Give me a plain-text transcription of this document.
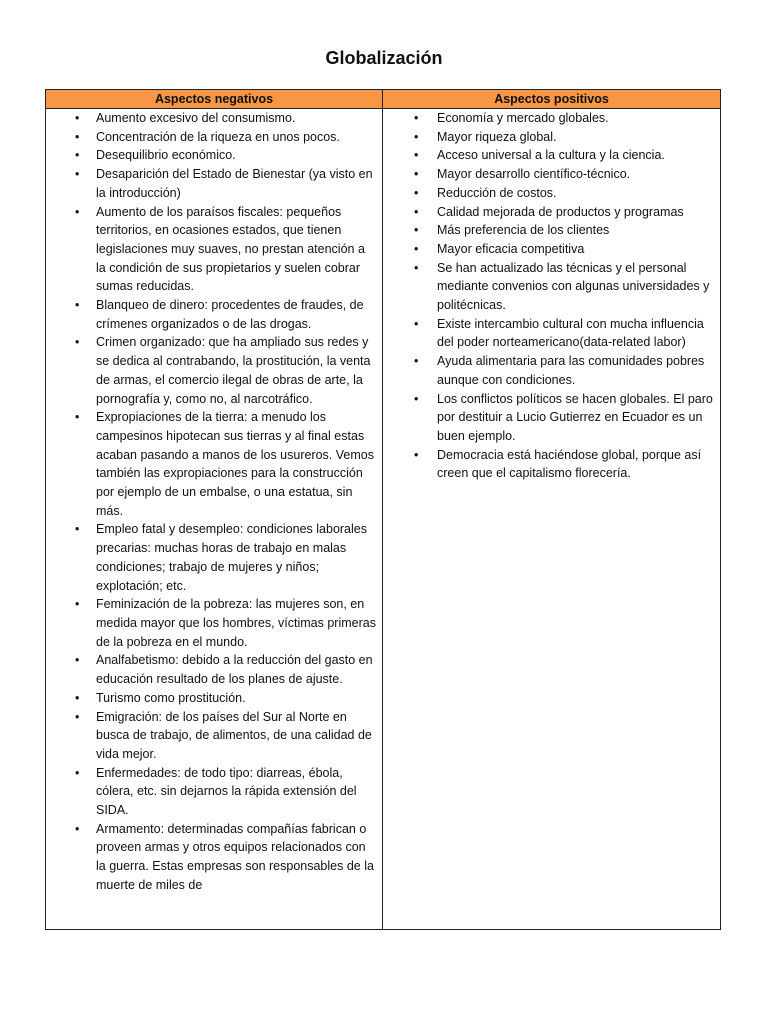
Globalización
Aspectos negativos	Aspectos positivos
• Aumento excesivo del consumismo.
• Concentración de la riqueza en unos pocos.
• Desequilibrio económico.
• Desaparición del Estado de Bienestar (ya visto en la introducción)
• Aumento de los paraísos fiscales: pequeños territorios, en ocasiones estados, que tienen legislaciones muy suaves, no prestan atención a la condición de sus propietarios y suelen cobrar sumas reducidas.
• Blanqueo de dinero: procedentes de fraudes, de crímenes organizados o de las drogas.
• Crimen organizado: que ha ampliado sus redes y se dedica al contrabando, la prostitución, la venta de armas, el comercio ilegal de obras de arte, la pornografía y, como no, al narcotráfico.
• Expropiaciones de la tierra: a menudo los campesinos hipotecan sus tierras y al final estas acaban pasando a manos de los usureros. Vemos también las expropiaciones para la construcción por ejemplo de un embalse, o una estatua, sin más.
• Empleo fatal y desempleo: condiciones laborales precarias: muchas horas de trabajo en malas condiciones; trabajo de mujeres y niños; explotación; etc.
• Feminización de la pobreza: las mujeres son, en medida mayor que los hombres, víctimas primeras de la pobreza en el mundo.
• Analfabetismo: debido a la reducción del gasto en educación resultado de los planes de ajuste.
• Turismo como prostitución.
• Emigración: de los países del Sur al Norte en busca de trabajo, de alimentos, de una calidad de vida mejor.
• Enfermedades: de todo tipo: diarreas, ébola, cólera, etc. sin dejarnos la rápida extensión del SIDA.
• Armamento: determinadas compañías fabrican o proveen armas y otros equipos relacionados con la guerra. Estas empresas son responsables de la muerte de miles de
• Economía y mercado globales.
• Mayor riqueza global.
• Acceso universal a la cultura y la ciencia.
• Mayor desarrollo científico-técnico.
• Reducción de costos.
• Calidad mejorada de productos y programas
• Más preferencia de los clientes
• Mayor eficacia competitiva
• Se han actualizado las técnicas y el personal mediante convenios con algunas universidades y politécnicas.
• Existe intercambio cultural con mucha influencia del poder norteamericano(data-related labor)
• Ayuda alimentaria para las comunidades pobres aunque con condiciones.
• Los conflictos políticos se hacen globales. El paro por destituir a Lucio Gutierrez en Ecuador es un buen ejemplo.
• Democracia está haciéndose global, porque así creen que el capitalismo florecería.
